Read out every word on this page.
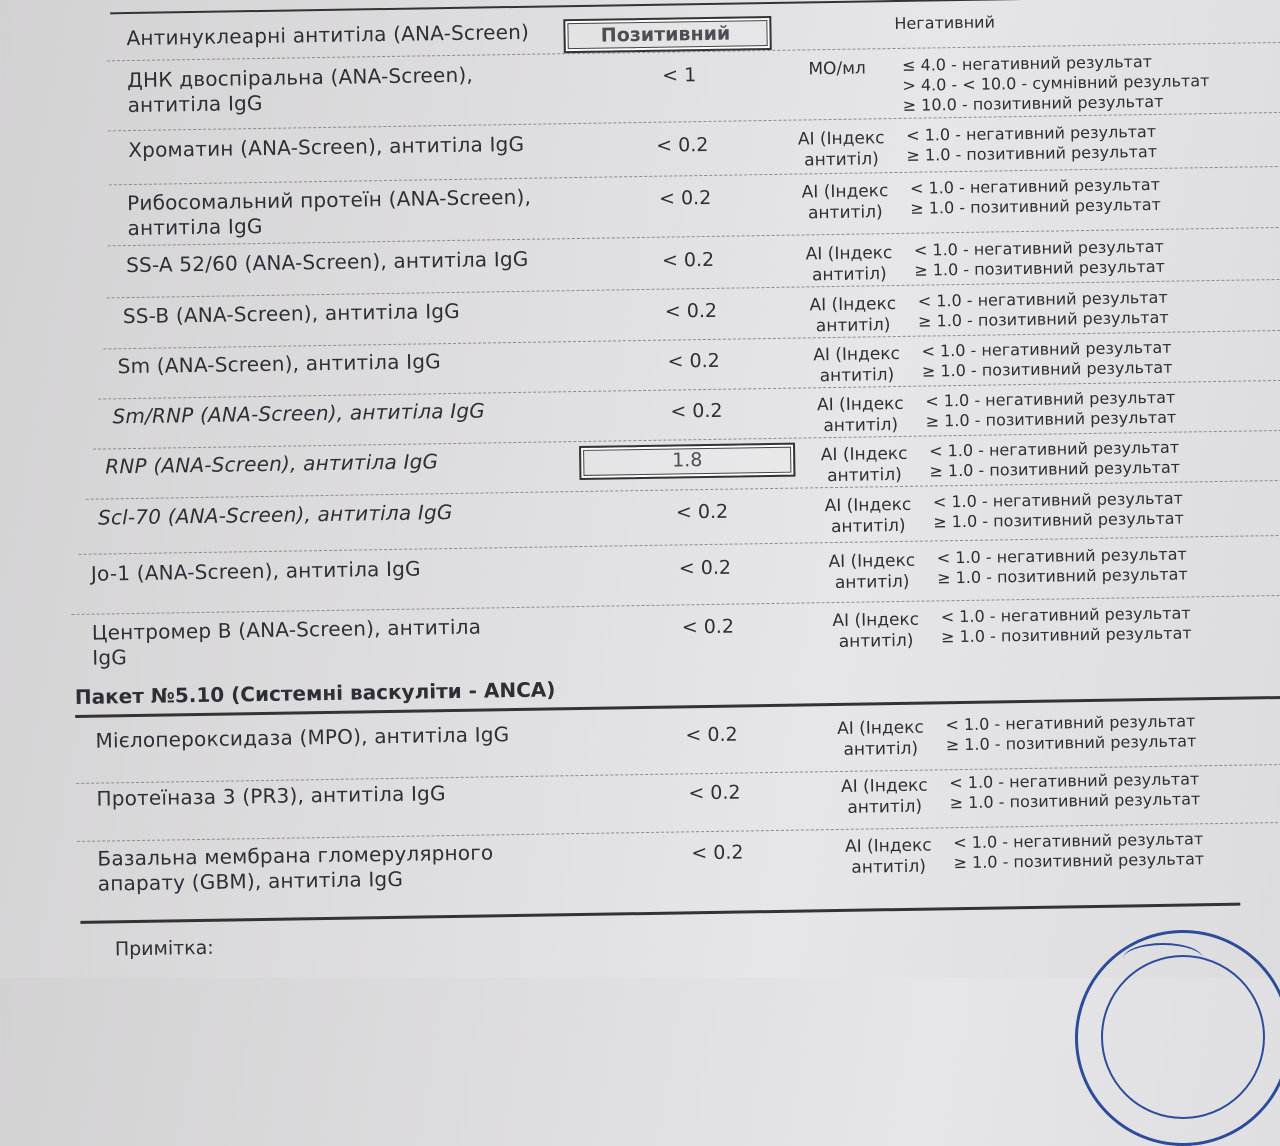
Антинуклеарні антитіла (ANA-Screen)	Позитивний	Негативний
ДНК двоспіральна (ANA-Screen),
антитіла IgG
< 1	МО/мл	≤ 4.0 - негативний результат
> 4.0 - < 10.0 - сумнівний результат
≥ 10.0 - позитивний результат
Хроматин (ANA-Screen), антитіла IgG	< 0.2	AI (Індекс
антитіл)
< 1.0 - негативний результат
≥ 1.0 - позитивний результат
Рибосомальний протеїн (ANA-Screen),
антитіла IgG
< 0.2	AI (Індекс
антитіл)
< 1.0 - негативний результат
≥ 1.0 - позитивний результат
SS-A 52/60 (ANA-Screen), антитіла IgG	< 0.2	AI (Індекс
антитіл)
< 1.0 - негативний результат
≥ 1.0 - позитивний результат
SS-B (ANA-Screen), антитіла IgG	< 0.2	AI (Індекс
антитіл)
< 1.0 - негативний результат
≥ 1.0 - позитивний результат
Sm (ANA-Screen), антитіла IgG	< 0.2	AI (Індекс
антитіл)
< 1.0 - негативний результат
≥ 1.0 - позитивний результат
Sm/RNP (ANA-Screen), антитіла IgG	< 0.2	AI (Індекс
антитіл)
< 1.0 - негативний результат
≥ 1.0 - позитивний результат
RNP (ANA-Screen), антитіла IgG	1.8	AI (Індекс
антитіл)
< 1.0 - негативний результат
≥ 1.0 - позитивний результат
Scl-70 (ANA-Screen), антитіла IgG	< 0.2	AI (Індекс
антитіл)
< 1.0 - негативний результат
≥ 1.0 - позитивний результат
Jo-1 (ANA-Screen), антитіла IgG	< 0.2	AI (Індекс
антитіл)
< 1.0 - негативний результат
≥ 1.0 - позитивний результат
Центромер B (ANA-Screen), антитіла
IgG
< 0.2	AI (Індекс
антитіл)
< 1.0 - негативний результат
≥ 1.0 - позитивний результат
Пакет №5.10 (Системні васкуліти - ANCA)
Мієлопероксидаза (MPO), антитіла IgG	< 0.2	AI (Індекс
антитіл)
< 1.0 - негативний результат
≥ 1.0 - позитивний результат
Протеїназа 3 (PR3), антитіла IgG	< 0.2	AI (Індекс
антитіл)
< 1.0 - негативний результат
≥ 1.0 - позитивний результат
Базальна мембрана гломерулярного
апарату (GBM), антитіла IgG
< 0.2	AI (Індекс
антитіл)
< 1.0 - негативний результат
≥ 1.0 - позитивний результат
Примітка:
